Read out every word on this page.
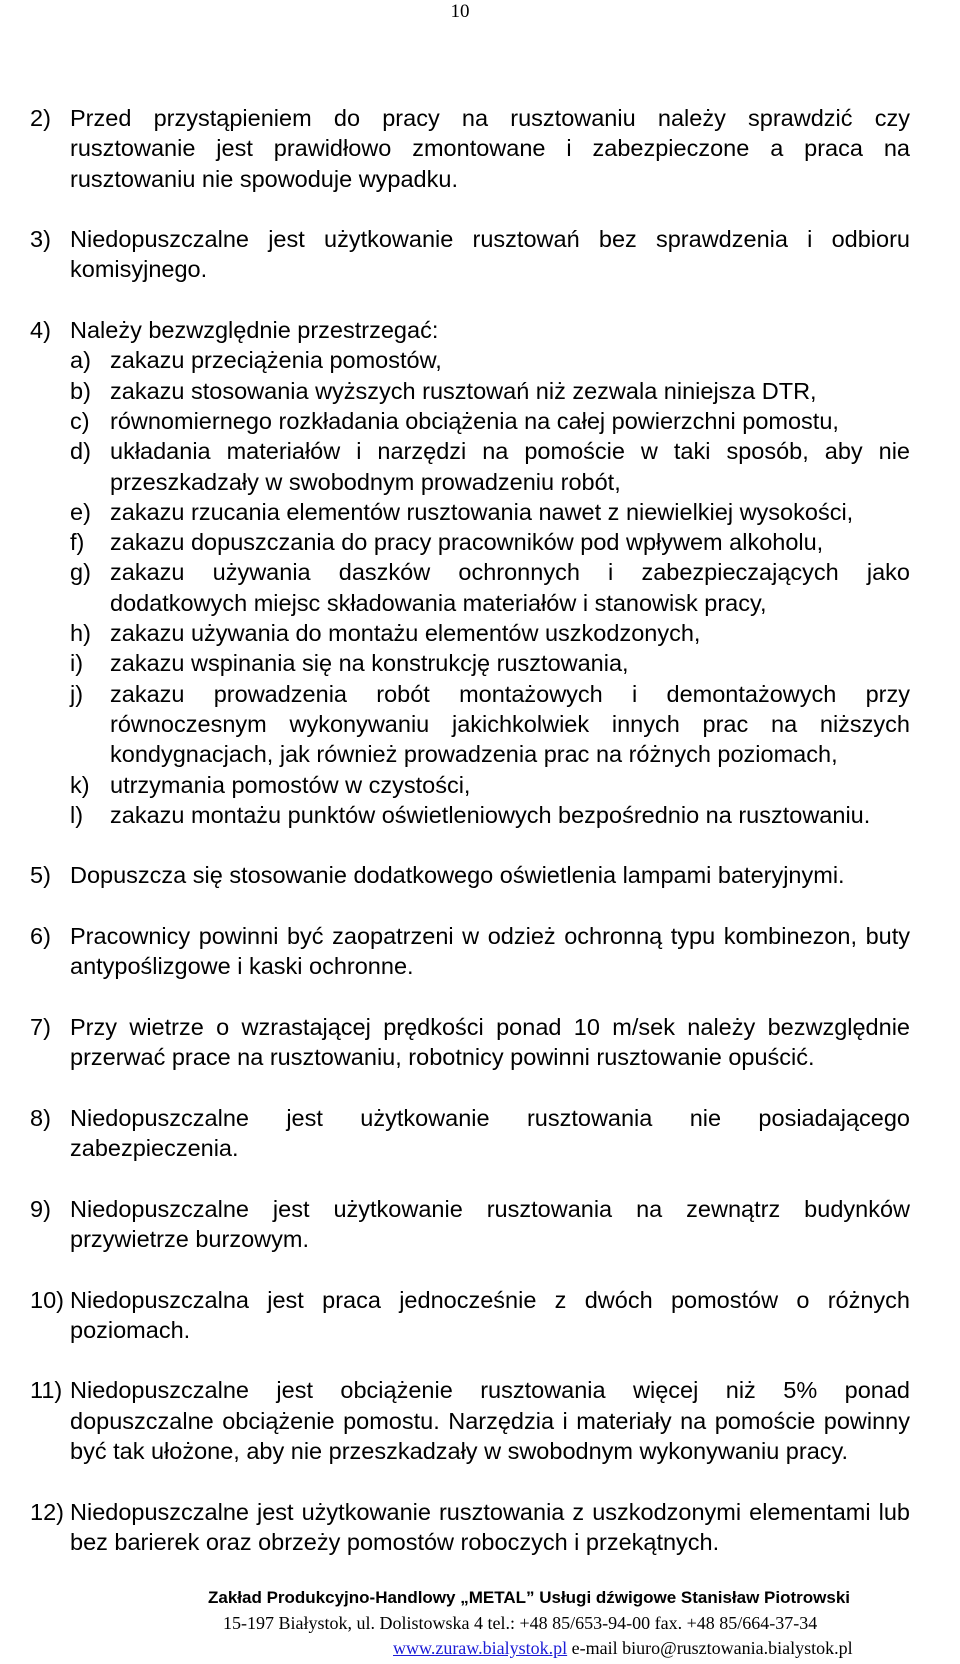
10
2) Przed przystąpieniem do pracy na rusztowaniu należy sprawdzić czy rusztowanie jest prawidłowo zmontowane i zabezpieczone a praca na rusztowaniu nie spowoduje wypadku.
3) Niedopuszczalne jest użytkowanie rusztowań bez sprawdzenia i odbioru komisyjnego.
4) Należy bezwzględnie przestrzegać:
a) zakazu przeciążenia pomostów,
b) zakazu stosowania wyższych rusztowań niż zezwala niniejsza DTR,
c) równomiernego rozkładania obciążenia na całej powierzchni pomostu,
d) układania materiałów i narzędzi na pomoście w taki sposób, aby nie przeszkadzały w swobodnym prowadzeniu robót,
e) zakazu rzucania elementów rusztowania nawet z niewielkiej wysokości,
f)	zakazu dopuszczania do pracy pracowników pod wpływem alkoholu,
g) zakazu używania daszków ochronnych i zabezpieczających jako dodatkowych miejsc składowania materiałów i stanowisk pracy,
h) zakazu używania do montażu elementów uszkodzonych,
i)	zakazu wspinania się na konstrukcję rusztowania,
j)	zakazu prowadzenia robót montażowych i demontażowych przy równoczesnym wykonywaniu jakichkolwiek innych prac na niższych kondygnacjach, jak również prowadzenia prac na różnych poziomach,
k) utrzymania pomostów w czystości,
l)	zakazu montażu punktów oświetleniowych bezpośrednio na rusztowaniu.
5) Dopuszcza się stosowanie dodatkowego oświetlenia lampami bateryjnymi.
6) Pracownicy powinni być zaopatrzeni w odzież ochronną typu kombinezon, buty antypoślizgowe i kaski ochronne.
7) Przy wietrze o wzrastającej prędkości ponad 10 m/sek należy bezwzględnie przerwać prace na rusztowaniu, robotnicy powinni rusztowanie opuścić.
8) Niedopuszczalne jest użytkowanie rusztowania nie posiadającego zabezpieczenia.
9) Niedopuszczalne jest użytkowanie rusztowania na zewnątrz budynków przywietrze burzowym.
10) Niedopuszczalna jest praca jednocześnie z dwóch pomostów o różnych poziomach.
11) Niedopuszczalne jest obciążenie rusztowania więcej niż 5% ponad dopuszczalne obciążenie pomostu. Narzędzia i materiały na pomoście powinny być tak ułożone, aby nie przeszkadzały w swobodnym wykonywaniu pracy.
12) Niedopuszczalne jest użytkowanie rusztowania z uszkodzonymi elementami lub bez barierek oraz obrzeży pomostów roboczych i przekątnych.
Zakład Produkcyjno-Handlowy „METAL” Usługi dźwigowe Stanisław Piotrowski
15-197 Białystok, ul. Dolistowska 4 tel.: +48 85/653-94-00 fax. +48 85/664-37-34
www.zuraw.bialystok.pl e-mail biuro@rusztowania.bialystok.pl
